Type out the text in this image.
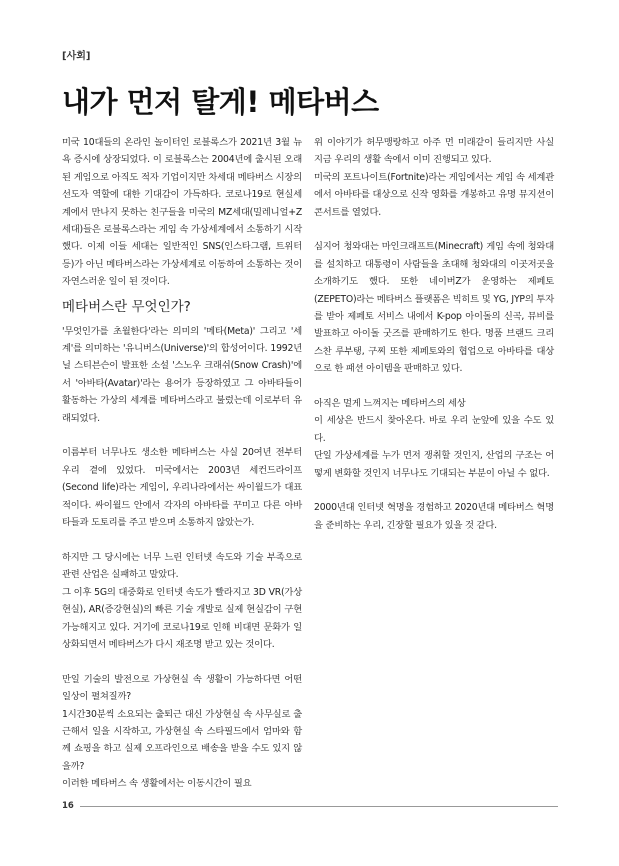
[사회]
내가 먼저 탈게! 메타버스

미국 10대들의 온라인 놀이터인 로블록스가 2021년 3월 뉴욕 증시에 상장되었다. 이 로블록스는 2004년에 출시된 오래된 게임으로 아직도 적자 기업이지만 차세대 메타버스 시장의 선도자 역할에 대한 기대감이 가득하다. 코로나19로 현실세계에서 만나지 못하는 친구들을 미국의 MZ세대(밀레니얼+Z세대)들은 로블록스라는 게임 속 가상세계에서 소통하기 시작했다. 이제 이들 세대는 일반적인 SNS(인스타그램, 트위터 등)가 아닌 메타버스라는 가상세계로 이동하여 소통하는 것이 자연스러운 일이 된 것이다.

메타버스란 무엇인가?

'무엇인가를 초월한다'라는 의미의 '메타(Meta)' 그리고 '세계'를 의미하는 '유니버스(Universe)'의 합성어이다. 1992년 닐 스티븐슨이 발표한 소설 '스노우 크래쉬(Snow Crash)'에서 '아바타(Avatar)'라는 용어가 등장하였고 그 아바타들이 활동하는 가상의 세계를 메타버스라고 불렀는데 이로부터 유래되었다.

이름부터 너무나도 생소한 메타버스는 사실 20여년 전부터 우리 곁에 있었다. 미국에서는 2003년 세컨드라이프(Second life)라는 게임이, 우리나라에서는 싸이월드가 대표적이다. 싸이월드 안에서 각자의 아바타를 꾸미고 다른 아바타들과 도토리를 주고 받으며 소통하지 않았는가.

하지만 그 당시에는 너무 느린 인터넷 속도와 기술 부족으로 관련 산업은 실패하고 말았다.

그 이후 5G의 대중화로 인터넷 속도가 빨라지고 3D VR(가상현실), AR(증강현실)의 빠른 기술 개발로 실제 현실감이 구현가능해지고 있다. 거기에 코로나19로 인해 비대면 문화가 일상화되면서 메타버스가 다시 재조명 받고 있는 것이다.

만일 기술의 발전으로 가상현실 속 생활이 가능하다면 어떤 일상이 펼쳐질까?

1시간30분씩 소요되는 출퇴근 대신 가상현실 속 사무실로 출근해서 일을 시작하고, 가상현실 속 스타필드에서 엄마와 함께 쇼핑을 하고 실제 오프라인으로 배송을 받을 수도 있지 않을까?

이러한 메타버스 속 생활에서는 이동시간이 필요

위 이야기가 허무맹랑하고 아주 먼 미래같이 들리지만 사실 지금 우리의 생활 속에서 이미 진행되고 있다.

미국의 포트나이트(Fortnite)라는 게임에서는 게임 속 세계관에서 아바타를 대상으로 신작 영화를 개봉하고 유명 뮤지션이 콘서트를 열었다.

심지어 청와대는 마인크래프트(Minecraft) 게임 속에 청와대를 설치하고 대통령이 사람들을 초대해 청와대의 이곳저곳을 소개하기도 했다. 또한 네이버Z가 운영하는 제페토(ZEPETO)라는 메타버스 플랫폼은 빅히트 및 YG, JYP의 투자를 받아 제페토 서비스 내에서 K-pop 아이돌의 신곡, 뮤비를 발표하고 아이돌 굿즈를 판매하기도 한다. 명품 브랜드 크리스찬 루부탱, 구찌 또한 제페토와의 협업으로 아바타를 대상으로 한 패션 아이템을 판매하고 있다.

아직은 멀게 느껴지는 메타버스의 세상

이 세상은 반드시 찾아온다. 바로 우리 눈앞에 있을 수도 있다.

단일 가상세계를 누가 먼저 쟁취할 것인지, 산업의 구조는 어떻게 변화할 것인지 너무나도 기대되는 부분이 아닐 수 없다.

2000년대 인터넷 혁명을 경험하고 2020년대 메타버스 혁명을 준비하는 우리, 긴장할 필요가 있을 것 같다.

16
